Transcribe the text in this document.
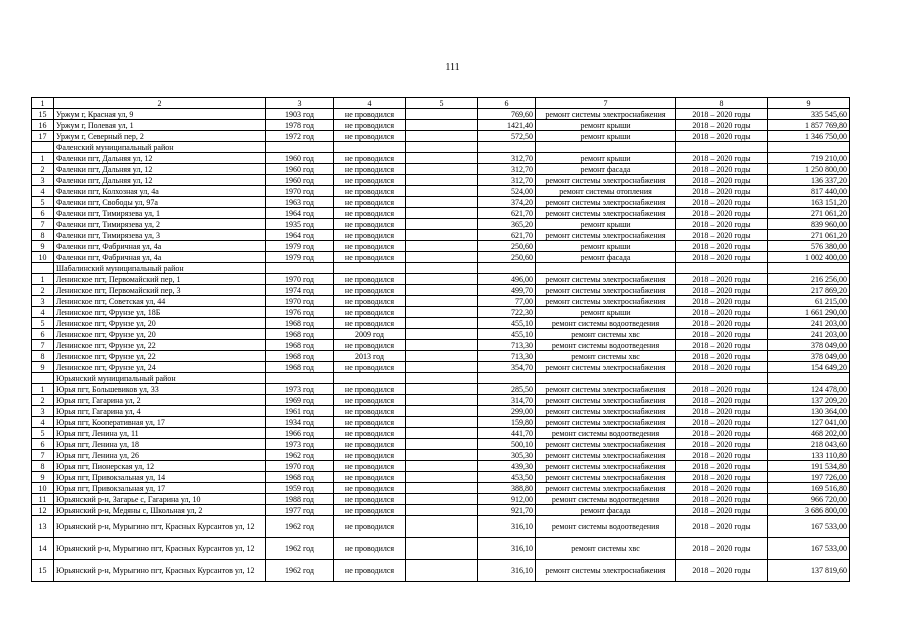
111
1	2	3	4	5	6	7	8	9
15	Уржум г, Красная ул, 9	1903 год	не проводился		769,60	ремонт системы электроснабжения	2018 – 2020 годы	335 545,60
16	Уржум г, Полевая ул, 1	1978 год	не проводился		1421,40	ремонт крыши	2018 – 2020 годы	1 857 769,80
17	Уржум г, Северный пер, 2	1972 год	не проводился		572,50	ремонт крыши	2018 – 2020 годы	1 346 750,00
	Фаленский муниципальный район							
1	Фаленки пгт, Дальняя ул, 12	1960 год	не проводился		312,70	ремонт крыши	2018 – 2020 годы	719 210,00
2	Фаленки пгт, Дальняя ул, 12	1960 год	не проводился		312,70	ремонт фасада	2018 – 2020 годы	1 250 800,00
3	Фаленки пгт, Дальняя ул, 12	1960 год	не проводился		312,70	ремонт системы электроснабжения	2018 – 2020 годы	136 337,20
4	Фаленки пгт, Колхозная ул, 4а	1970 год	не проводился		524,00	ремонт системы отопления	2018 – 2020 годы	817 440,00
5	Фаленки пгт, Свободы ул, 97а	1963 год	не проводился		374,20	ремонт системы электроснабжения	2018 – 2020 годы	163 151,20
6	Фаленки пгт, Тимирязева ул, 1	1964 год	не проводился		621,70	ремонт системы электроснабжения	2018 – 2020 годы	271 061,20
7	Фаленки пгт, Тимирязева ул, 2	1935 год	не проводился		365,20	ремонт крыши	2018 – 2020 годы	839 960,00
8	Фаленки пгт, Тимирязева ул, 3	1964 год	не проводился		621,70	ремонт системы электроснабжения	2018 – 2020 годы	271 061,20
9	Фаленки пгт, Фабричная ул, 4а	1979 год	не проводился		250,60	ремонт крыши	2018 – 2020 годы	576 380,00
10	Фаленки пгт, Фабричная ул, 4а	1979 год	не проводился		250,60	ремонт фасада	2018 – 2020 годы	1 002 400,00
	Шабалинский муниципальный район							
1	Ленинское пгт, Первомайский пер, 1	1970 год	не проводился		496,00	ремонт системы электроснабжения	2018 – 2020 годы	216 256,00
2	Ленинское пгт, Первомайский пер, 3	1974 год	не проводился		499,70	ремонт системы электроснабжения	2018 – 2020 годы	217 869,20
3	Ленинское пгт, Советская ул, 44	1970 год	не проводился		77,00	ремонт системы электроснабжения	2018 – 2020 годы	61 215,00
4	Ленинское пгт, Фрунзе ул, 18Б	1976 год	не проводился		722,30	ремонт крыши	2018 – 2020 годы	1 661 290,00
5	Ленинское пгт, Фрунзе ул, 20	1968 год	не проводился		455,10	ремонт системы водоотведения	2018 – 2020 годы	241 203,00
6	Ленинское пгт, Фрунзе ул, 20	1968 год	2009 год		455,10	ремонт системы хвс	2018 – 2020 годы	241 203,00
7	Ленинское пгт, Фрунзе ул, 22	1968 год	не проводился		713,30	ремонт системы водоотведения	2018 – 2020 годы	378 049,00
8	Ленинское пгт, Фрунзе ул, 22	1968 год	2013 год		713,30	ремонт системы хвс	2018 – 2020 годы	378 049,00
9	Ленинское пгт, Фрунзе ул, 24	1968 год	не проводился		354,70	ремонт системы электроснабжения	2018 – 2020 годы	154 649,20
	Юрьянский муниципальный район							
1	Юрья пгт, Большевиков ул, 33	1973 год	не проводился		285,50	ремонт системы электроснабжения	2018 – 2020 годы	124 478,00
2	Юрья пгт, Гагарина ул, 2	1969 год	не проводился		314,70	ремонт системы электроснабжения	2018 – 2020 годы	137 209,20
3	Юрья пгт, Гагарина ул, 4	1961 год	не проводился		299,00	ремонт системы электроснабжения	2018 – 2020 годы	130 364,00
4	Юрья пгт, Кооперативная ул, 17	1934 год	не проводился		159,80	ремонт системы электроснабжения	2018 – 2020 годы	127 041,00
5	Юрья пгт, Ленина ул, 11	1966 год	не проводился		441,70	ремонт системы водоотведения	2018 – 2020 годы	468 202,00
6	Юрья пгт, Ленина ул, 18	1973 год	не проводился		500,10	ремонт системы электроснабжения	2018 – 2020 годы	218 043,60
7	Юрья пгт, Ленина ул, 26	1962 год	не проводился		305,30	ремонт системы электроснабжения	2018 – 2020 годы	133 110,80
8	Юрья пгт, Пионерская ул, 12	1970 год	не проводился		439,30	ремонт системы электроснабжения	2018 – 2020 годы	191 534,80
9	Юрья пгт, Привокзальная ул, 14	1968 год	не проводился		453,50	ремонт системы электроснабжения	2018 – 2020 годы	197 726,00
10	Юрья пгт, Привокзальная ул, 17	1959 год	не проводился		388,80	ремонт системы электроснабжения	2018 – 2020 годы	169 516,80
11	Юрьянский р-н, Загарье с, Гагарина ул, 10	1988 год	не проводился		912,00	ремонт системы водоотведения	2018 – 2020 годы	966 720,00
12	Юрьянский р-н, Медяны с, Школьная ул, 2	1977 год	не проводился		921,70	ремонт фасада	2018 – 2020 годы	3 686 800,00
13	Юрьянский р-н, Мурыгино пгт, Красных Курсантов ул, 12	1962 год	не проводился		316,10	ремонт системы водоотведения	2018 – 2020 годы	167 533,00
14	Юрьянский р-н, Мурыгино пгт, Красных Курсантов ул, 12	1962 год	не проводился		316,10	ремонт системы хвс	2018 – 2020 годы	167 533,00
15	Юрьянский р-н, Мурыгино пгт, Красных Курсантов ул, 12	1962 год	не проводился		316,10	ремонт системы электроснабжения	2018 – 2020 годы	137 819,60
